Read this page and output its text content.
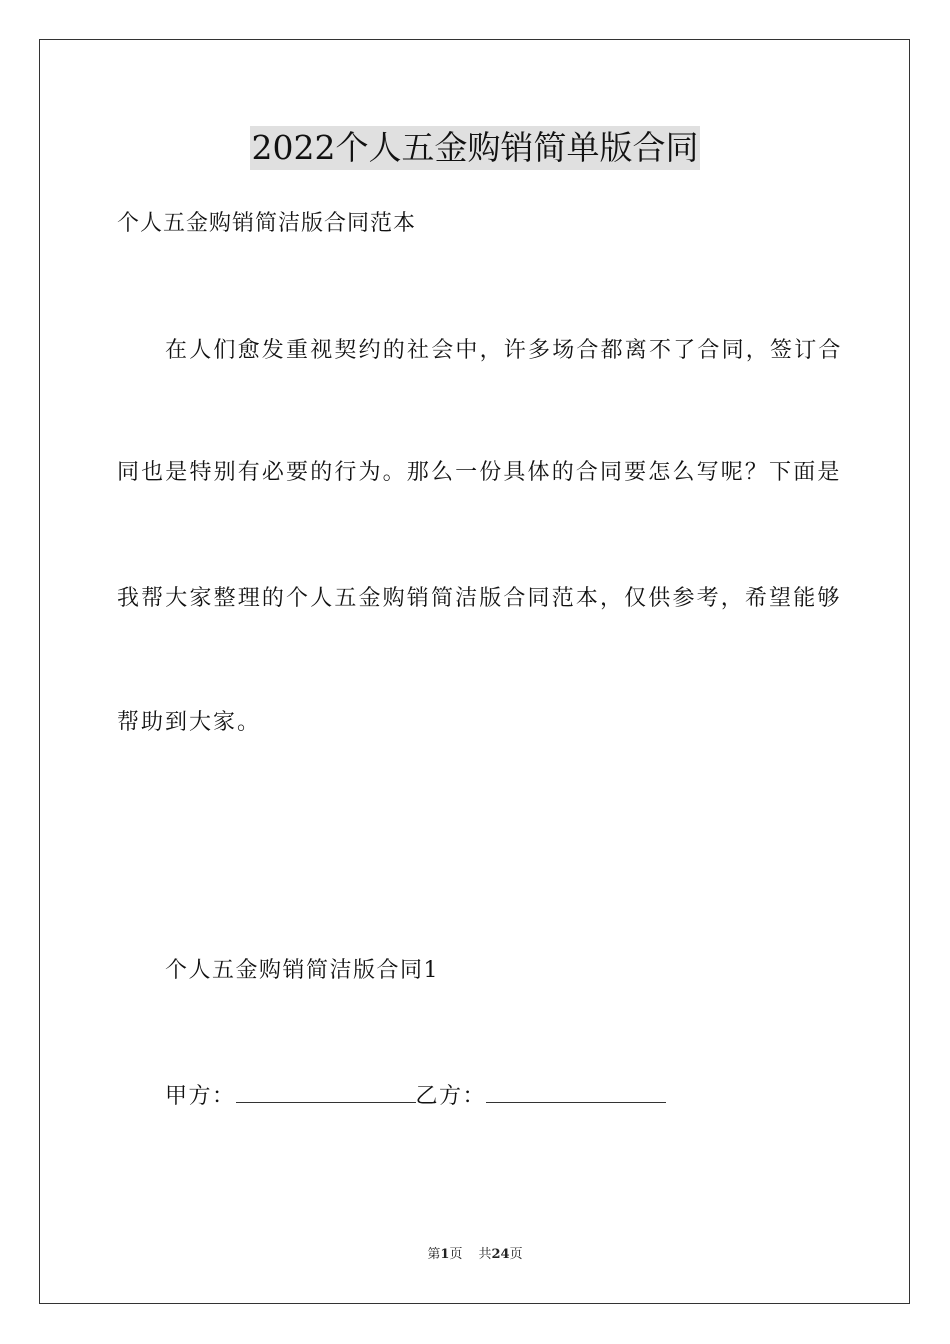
2022个人五金购销简单版合同
个人五金购销简洁版合同范本
在人们愈发重视契约的社会中，许多场合都离不了合同，签订合
同也是特别有必要的行为。那么一份具体的合同要怎么写呢？下面是
我帮大家整理的个人五金购销简洁版合同范本，仅供参考，希望能够
帮助到大家。
个人五金购销简洁版合同1
甲方：	乙方：
第1页 共24页
